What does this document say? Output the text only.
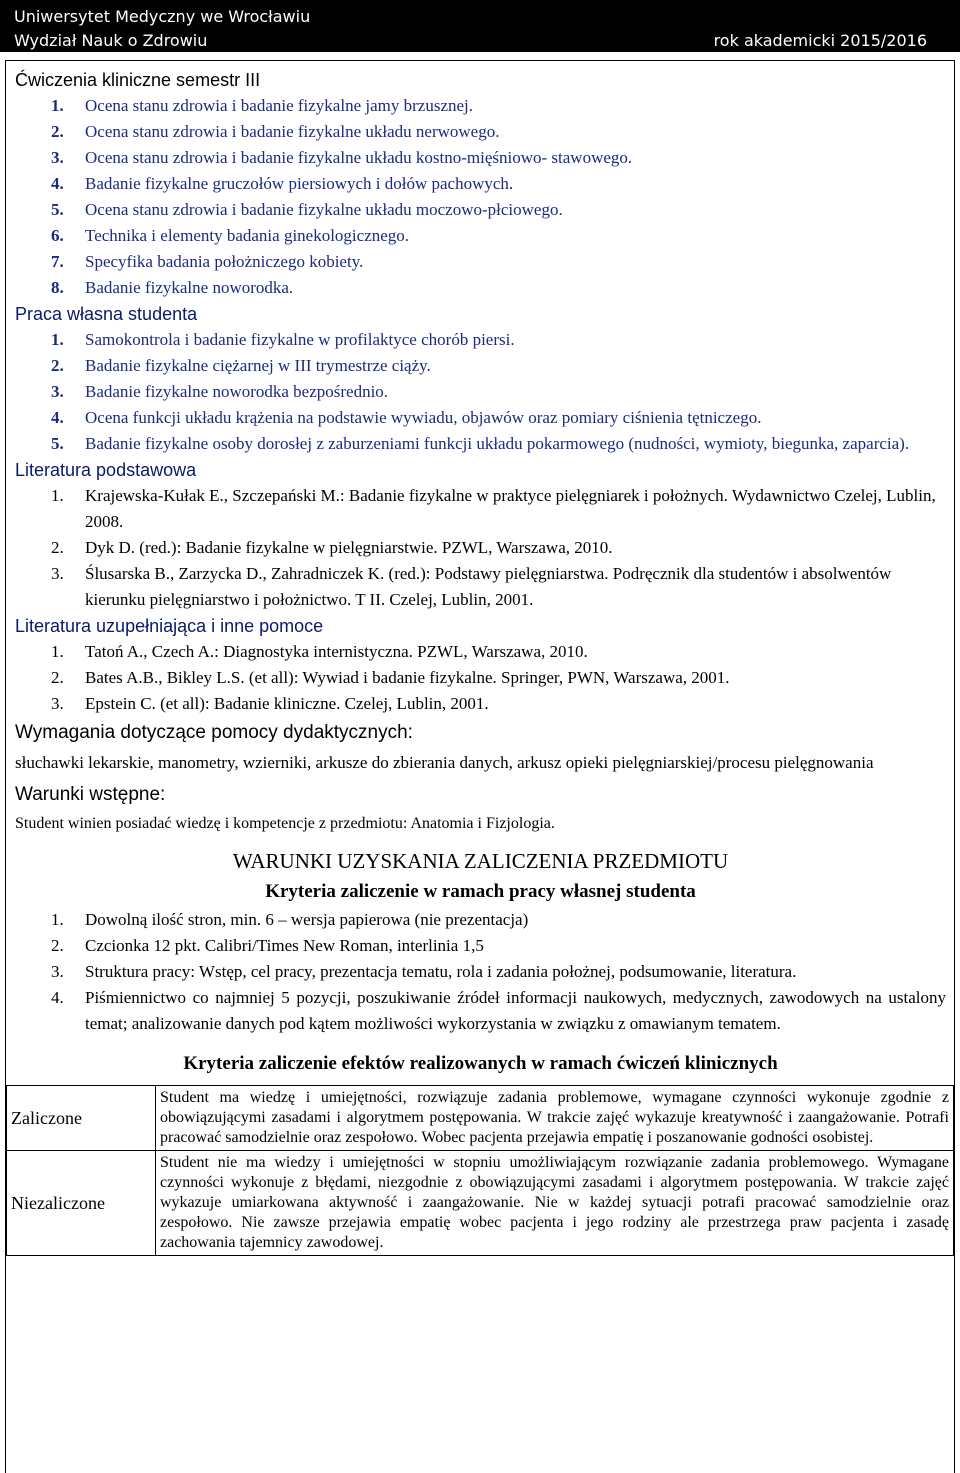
Uniwersytet Medyczny we Wrocławiu
Wydział Nauk o Zdrowiu	rok akademicki 2015/2016
Ćwiczenia kliniczne semestr III
1. Ocena stanu zdrowia i badanie fizykalne jamy brzusznej.
2. Ocena stanu zdrowia i badanie fizykalne układu nerwowego.
3. Ocena stanu zdrowia i badanie fizykalne układu kostno-mięśniowo- stawowego.
4. Badanie fizykalne gruczołów piersiowych i dołów pachowych.
5. Ocena stanu zdrowia i badanie fizykalne układu moczowo-płciowego.
6. Technika i elementy badania ginekologicznego.
7. Specyfika badania położniczego kobiety.
8. Badanie fizykalne noworodka.
Praca własna studenta
1. Samokontrola i badanie fizykalne w profilaktyce chorób piersi.
2. Badanie fizykalne ciężarnej w III trymestrze ciąży.
3. Badanie fizykalne noworodka bezpośrednio.
4. Ocena funkcji układu krążenia na podstawie wywiadu, objawów oraz pomiary ciśnienia tętniczego.
5. Badanie fizykalne osoby dorosłej z zaburzeniami funkcji układu pokarmowego (nudności, wymioty, biegunka, zaparcia).
Literatura podstawowa
1. Krajewska-Kułak E., Szczepański M.: Badanie fizykalne w praktyce pielęgniarek i położnych. Wydawnictwo Czelej, Lublin, 2008.
2. Dyk D. (red.): Badanie fizykalne w pielęgniarstwie. PZWL, Warszawa, 2010.
3. Ślusarska B., Zarzycka D., Zahradniczek K. (red.): Podstawy pielęgniarstwa. Podręcznik dla studentów i absolwentów kierunku pielęgniarstwo i położnictwo. T II. Czelej, Lublin, 2001.
Literatura uzupełniająca i inne pomoce
1. Tatoń A., Czech A.: Diagnostyka internistyczna. PZWL, Warszawa, 2010.
2. Bates A.B., Bikley L.S. (et all): Wywiad i badanie fizykalne. Springer, PWN, Warszawa, 2001.
3. Epstein C. (et all): Badanie kliniczne. Czelej, Lublin, 2001.
Wymagania dotyczące pomocy dydaktycznych:
słuchawki lekarskie, manometry, wzierniki, arkusze do zbierania danych, arkusz opieki pielęgniarskiej/procesu pielęgnowania
Warunki wstępne:
Student winien posiadać wiedzę i kompetencje z przedmiotu: Anatomia i Fizjologia.
WARUNKI UZYSKANIA ZALICZENIA PRZEDMIOTU
Kryteria zaliczenie w ramach pracy własnej studenta
1. Dowolną ilość stron, min. 6 – wersja papierowa (nie prezentacja)
2. Czcionka 12 pkt. Calibri/Times New Roman, interlinia 1,5
3. Struktura pracy: Wstęp, cel pracy, prezentacja tematu, rola i zadania położnej, podsumowanie, literatura.
4. Piśmiennictwo co najmniej 5 pozycji, poszukiwanie źródeł informacji naukowych, medycznych, zawodowych na ustalony temat; analizowanie danych pod kątem możliwości wykorzystania w związku z omawianym tematem.
Kryteria zaliczenie efektów realizowanych w ramach ćwiczeń klinicznych
Zaliczone	Student ma wiedzę i umiejętności, rozwiązuje zadania problemowe, wymagane czynności wykonuje zgodnie z obowiązującymi zasadami i algorytmem postępowania. W trakcie zajęć wykazuje kreatywność i zaangażowanie. Potrafi pracować samodzielnie oraz zespołowo. Wobec pacjenta przejawia empatię i poszanowanie godności osobistej.
Niezaliczone	Student nie ma wiedzy i umiejętności w stopniu umożliwiającym rozwiązanie zadania problemowego. Wymagane czynności wykonuje z błędami, niezgodnie z obowiązującymi zasadami i algorytmem postępowania. W trakcie zajęć wykazuje umiarkowana aktywność i zaangażowanie. Nie w każdej sytuacji potrafi pracować samodzielnie oraz zespołowo. Nie zawsze przejawia empatię wobec pacjenta i jego rodziny ale przestrzega praw pacjenta i zasadę zachowania tajemnicy zawodowej.
